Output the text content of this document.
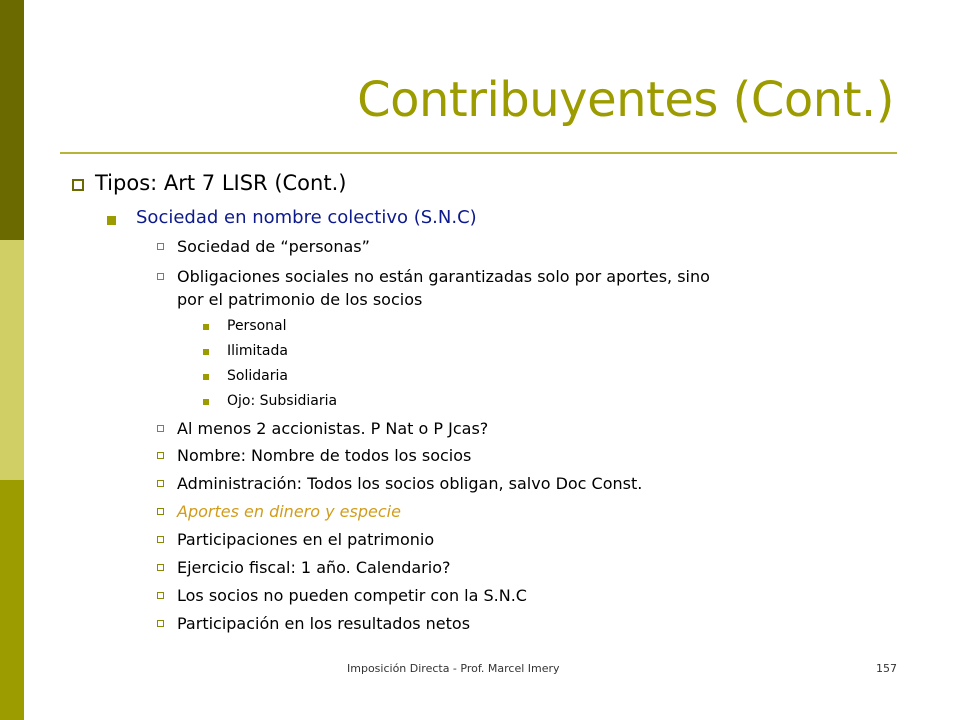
Contribuyentes (Cont.)
Tipos: Art 7 LISR (Cont.)
Sociedad en nombre colectivo (S.N.C)
Sociedad de “personas”
Obligaciones sociales no están garantizadas solo por aportes, sino
por el patrimonio de los socios
Personal
Ilimitada
Solidaria
Ojo: Subsidiaria
Al menos 2 accionistas. P Nat o P Jcas?
Nombre: Nombre de todos los socios
Administración: Todos los socios obligan, salvo Doc Const.
Aportes en dinero y especie
Participaciones en el patrimonio
Ejercicio fiscal: 1 año. Calendario?
Los socios no pueden competir con la S.N.C
Participación en los resultados netos
Imposición Directa - Prof. Marcel Imery	157
